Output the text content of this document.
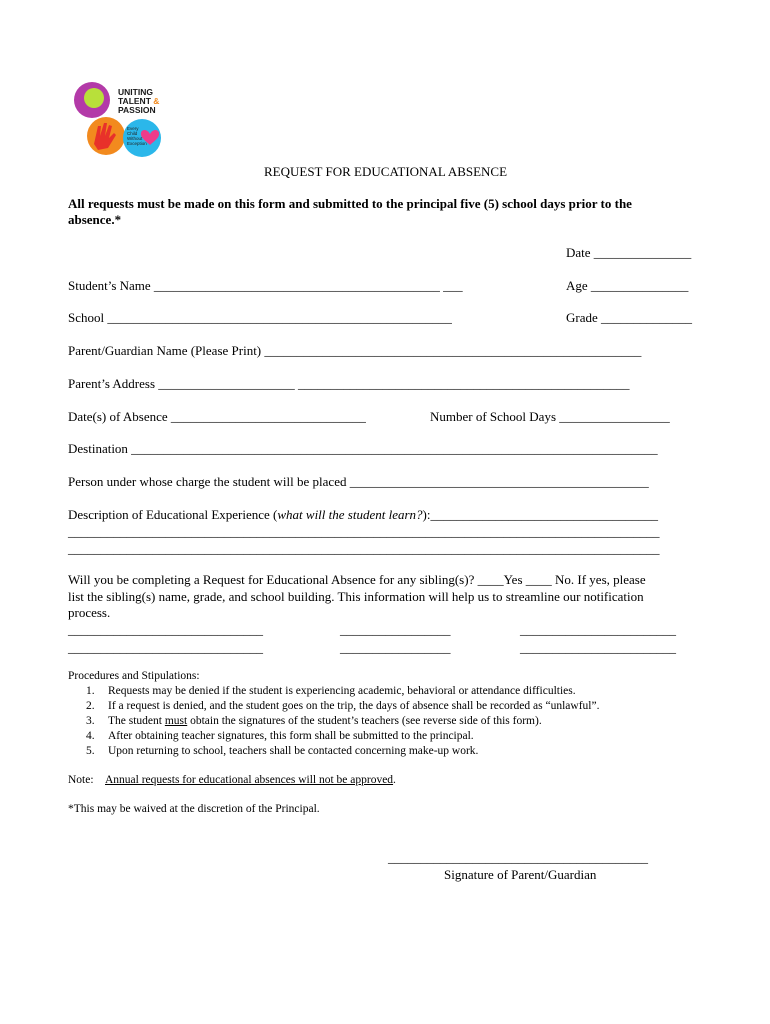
UNITING
TALENT &
PASSION
Every
Child
Without
Exception
REQUEST FOR EDUCATIONAL ABSENCE
All requests must be made on this form and submitted to the principal five (5) school days prior to the
absence.*
Date _______________
Student’s Name ____________________________________________ ___	Age _______________
School _____________________________________________________	Grade ______________
Parent/Guardian Name (Please Print) __________________________________________________________
Parent’s Address _____________________ ___________________________________________________
Date(s) of Absence ______________________________	Number of School Days _________________
Destination _________________________________________________________________________________
Person under whose charge the student will be placed ______________________________________________
Description of Educational Experience (what will the student learn?):___________________________________
___________________________________________________________________________________________
___________________________________________________________________________________________
Will you be completing a Request for Educational Absence for any sibling(s)? ____Yes ____ No. If yes, please
list the sibling(s) name, grade, and school building. This information will help us to streamline our notification
process.
______________________________	_________________	________________________
______________________________	_________________	________________________
Procedures and Stipulations:
1. Requests may be denied if the student is experiencing academic, behavioral or attendance difficulties.
2. If a request is denied, and the student goes on the trip, the days of absence shall be recorded as “unlawful”.
3. The student must obtain the signatures of the student’s teachers (see reverse side of this form).
4. After obtaining teacher signatures, this form shall be submitted to the principal.
5. Upon returning to school, teachers shall be contacted concerning make-up work.
Note: Annual requests for educational absences will not be approved.
*This may be waived at the discretion of the Principal.
________________________________________
Signature of Parent/Guardian
